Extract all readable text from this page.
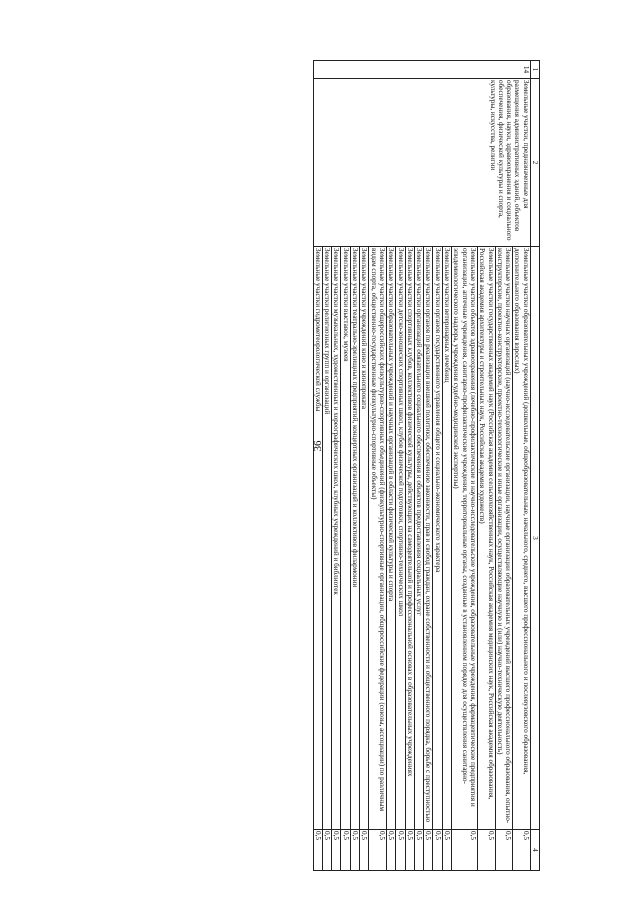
36
1	2	3	4
14	Земельные участки, предназначенные для размещения административных зданий, объектов образования, науки, здравоохранения и социального обеспечения, физической культуры и спорта, культуры, искусства, религии	Земельные участки образовательных учреждений (дошкольные, общеобразовательные, начального, среднего, высшего профессионального и послевузовского образования, дополнительного образования взрослых)	0,5
		Земельные участки научных организаций (научно-исследовательские организации, научные организации образовательных учреждений высшего профессионального образования, опытно-конструкторские, проектно-конструкторские, проектно-технологические и иные организации, осуществляющие научную и (или) научно-техническую деятельность)	0,5
		Земельные участки государственных академий наук (Российская академия сельскохозяйственных наук, Российская академия медицинских наук, Российская академия образования, Российская академия архитектуры и строительных наук, Российская академия художеств)	0,5
		Земельные участки объектов здравоохранения (лечебно-профилактические и научно-исследовательские учреждения, образовательные учреждения, фармацевтические предприятия и организации, аптечные учреждения, санитарно-профилактические учреждения, территориальные органы, созданные в установленном порядке для осуществления санитарно-эпидемиологического надзора, учреждения судебно-медицинской экспертизы)	0,5
		Земельные участки ветеринарных лечебниц	0,5
		Земельные участки органов государственного управления общего и социально-экономического характера	0,5
		Земельные участки органов по реализации внешней политики, обеспечению законности, прав и свобод граждан, охране собственности и общественного порядка, борьбе с преступностью	0,5
		Земельные участки организаций обязательного социального обеспечения и объектов предоставления социальных услуг	0,5
		Земельные участки спортивных клубов, коллективов физической культуры, действующих на самодеятельной и профессиональной основах в образовательных учреждениях	0,5
		Земельные участки детско-юношеских спортивных школ, клубов физической подготовки, спортивно-технических школ	0,5
		Земельные участки образовательных учреждений и научных организаций в области физической культуры и спорта	0,5
		Земельные участки общероссийских физкультурно-спортивных объединений (физкультурно-спортивные организации, общероссийские федерации (союзы, ассоциации) по различным видам спорта, общественно-государственные физкультурно-спортивные объекты)	0,5
		Земельные участки учреждений кино и кинопроката	0,5
		Земельные участки театрально-зрелищных предприятий, концертных организаций и коллективов филармонии	0,5
		Земельные участки выставок, музеев	0,5
		Земельные участки музыкальных, художественных и хореографических школ, клубных учреждений и библиотек	0,5
		Земельные участки религиозных групп и организаций	0,5
		Земельные участки гидрометеорологической службы	0,5
